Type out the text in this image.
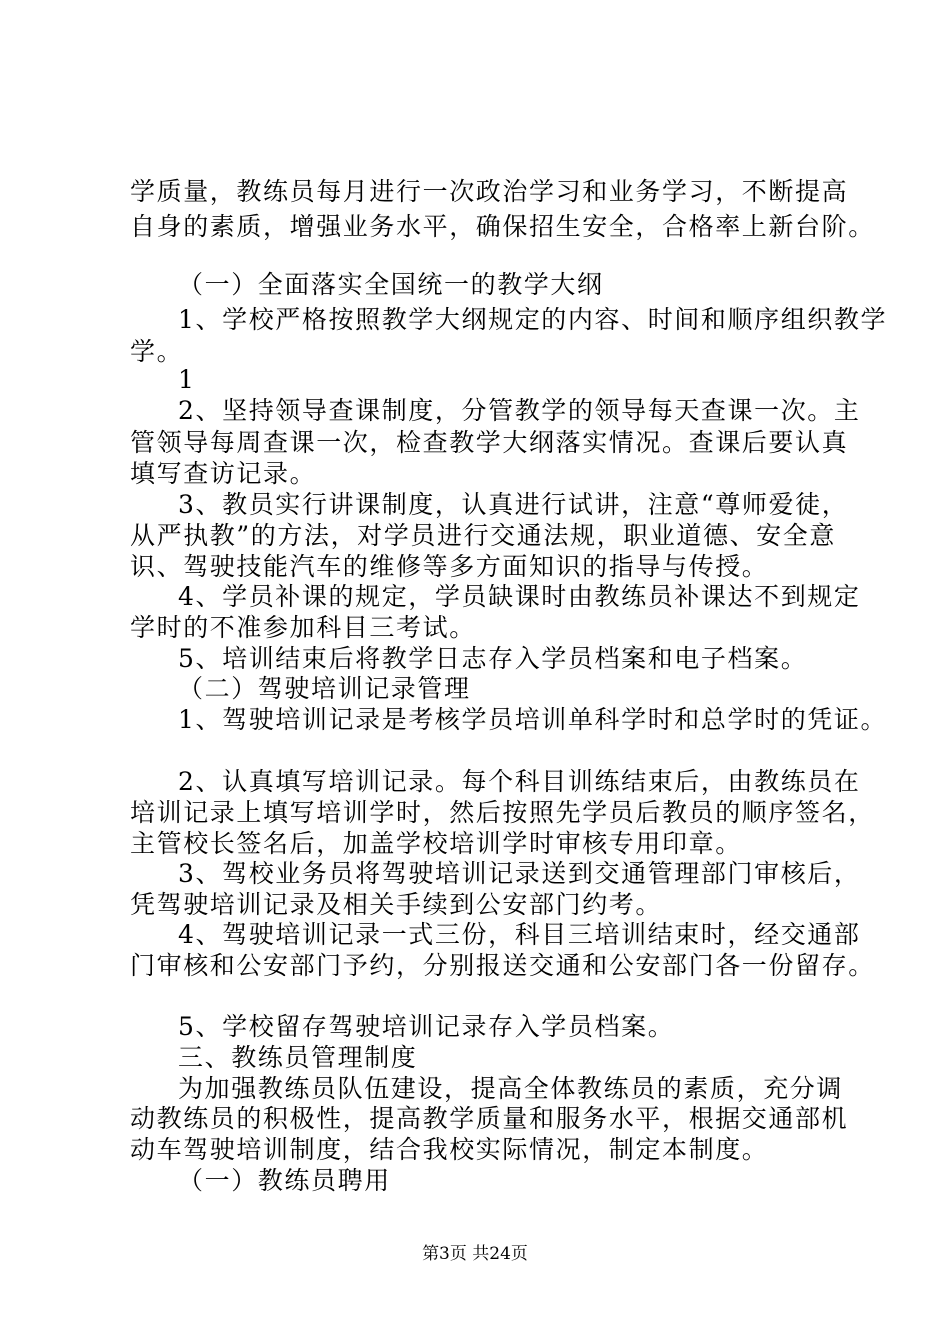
学质量，教练员每月进行一次政治学习和业务学习，不断提高
自身的素质，增强业务水平，确保招生安全，合格率上新台阶。
（一）全面落实全国统一的教学大纲
1、学校严格按照教学大纲规定的内容、时间和顺序组织教学
学。
1
2、坚持领导查课制度，分管教学的领导每天查课一次。主
管领导每周查课一次，检查教学大纲落实情况。查课后要认真
填写查访记录。
3、教员实行讲课制度，认真进行试讲，注意“尊师爱徒，
从严执教”的方法，对学员进行交通法规，职业道德、安全意
识、驾驶技能汽车的维修等多方面知识的指导与传授。
4、学员补课的规定，学员缺课时由教练员补课达不到规定
学时的不准参加科目三考试。
5、培训结束后将教学日志存入学员档案和电子档案。
（二）驾驶培训记录管理
1、驾驶培训记录是考核学员培训单科学时和总学时的凭证。
2、认真填写培训记录。每个科目训练结束后，由教练员在
培训记录上填写培训学时，然后按照先学员后教员的顺序签名，
主管校长签名后，加盖学校培训学时审核专用印章。
3、驾校业务员将驾驶培训记录送到交通管理部门审核后，
凭驾驶培训记录及相关手续到公安部门约考。
4、驾驶培训记录一式三份，科目三培训结束时，经交通部
门审核和公安部门予约，分别报送交通和公安部门各一份留存。
5、学校留存驾驶培训记录存入学员档案。
三、教练员管理制度
为加强教练员队伍建设，提高全体教练员的素质，充分调
动教练员的积极性，提高教学质量和服务水平，根据交通部机
动车驾驶培训制度，结合我校实际情况，制定本制度。
（一）教练员聘用
第3页 共24页
